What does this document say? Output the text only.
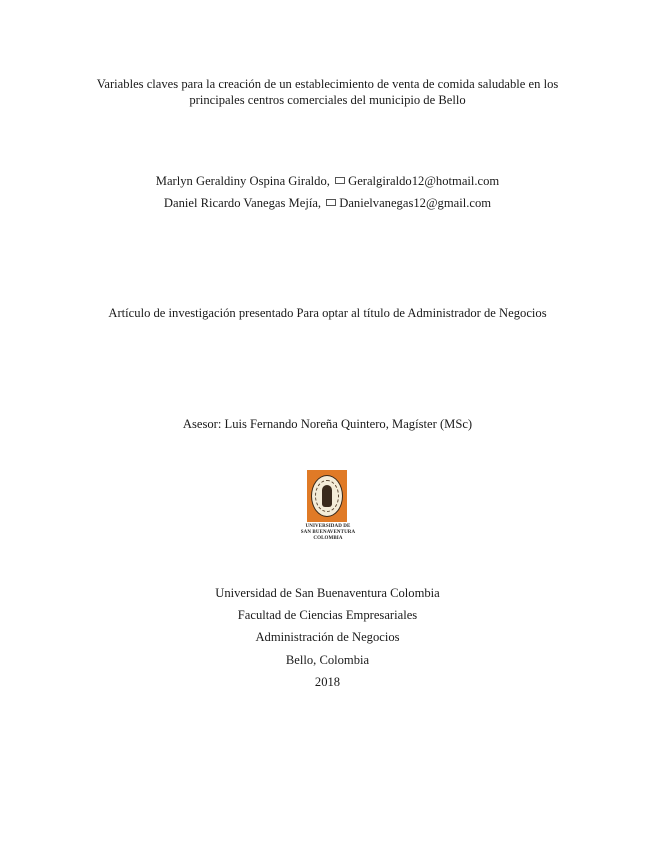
Variables claves para la creación de un establecimiento de venta de comida saludable en los
principales centros comerciales del municipio de Bello
Marlyn Geraldiny Ospina Giraldo, Geralgiraldo12@hotmail.com
Daniel Ricardo Vanegas Mejía, Danielvanegas12@gmail.com
Artículo de investigación presentado Para optar al título de Administrador de Negocios
Asesor: Luis Fernando Noreña Quintero, Magíster (MSc)
UNIVERSIDAD DE
SAN BUENAVENTURA
COLOMBIA
Universidad de San Buenaventura Colombia
Facultad de Ciencias Empresariales
Administración de Negocios
Bello, Colombia
2018
